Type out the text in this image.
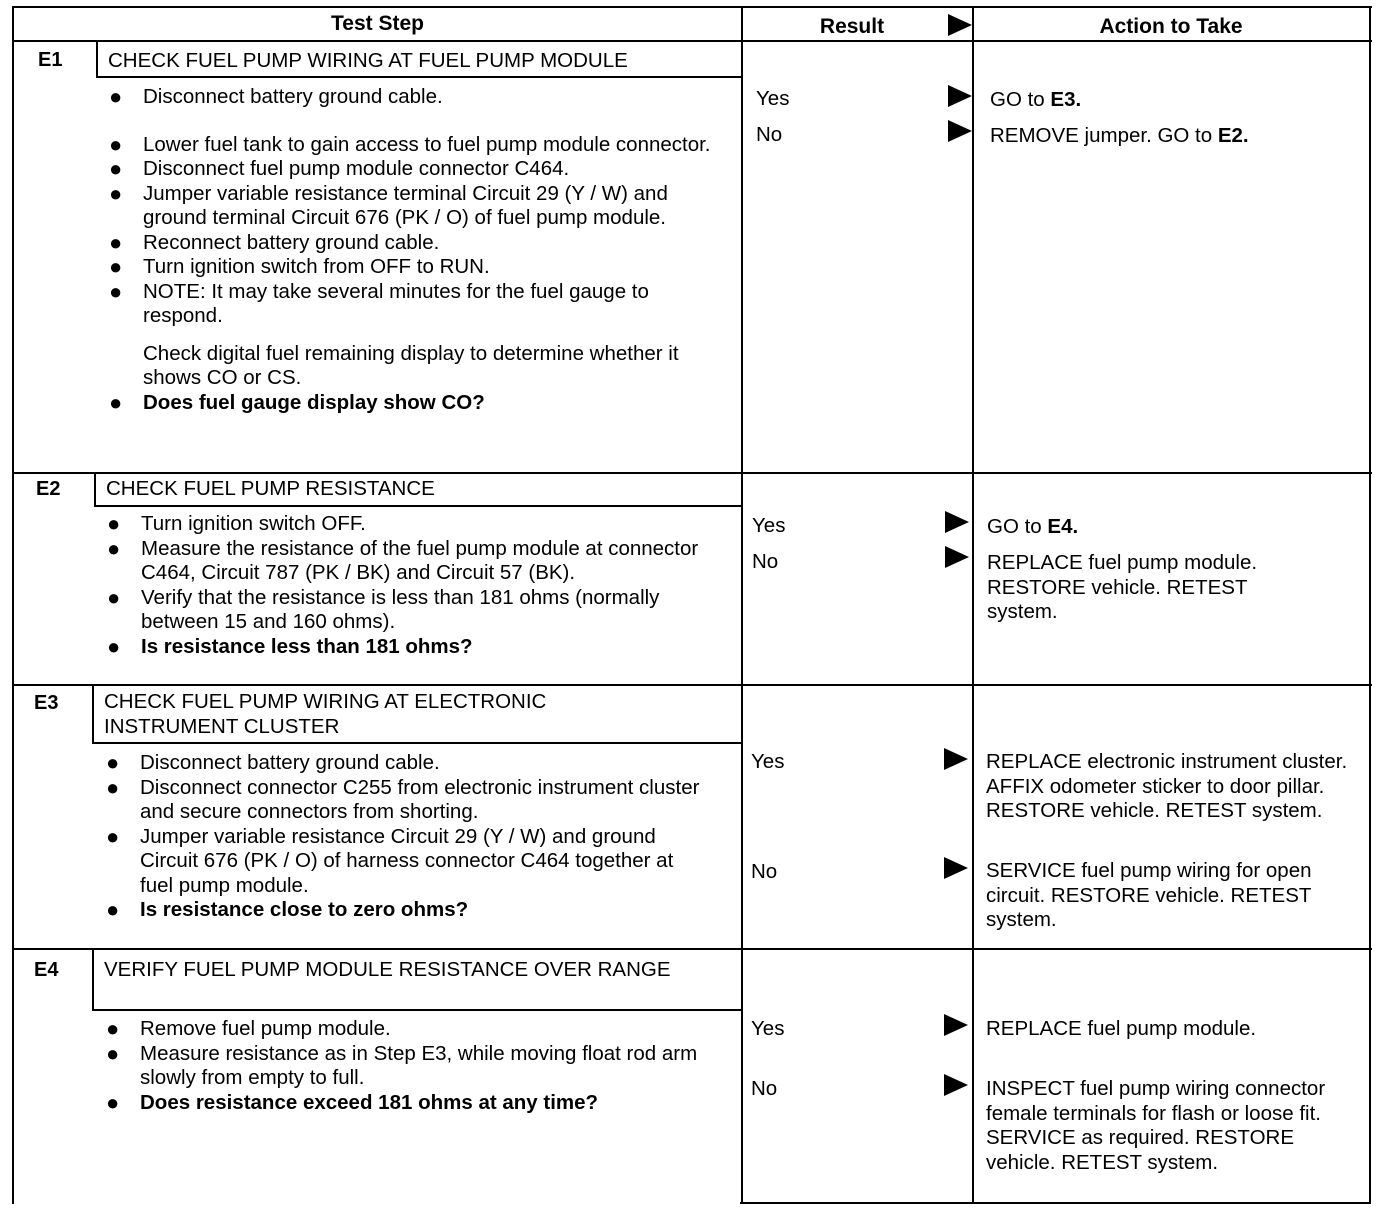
Test Step	Result	Action to Take
E1 CHECK FUEL PUMP WIRING AT FUEL PUMP MODULE
● Disconnect battery ground cable.
● Lower fuel tank to gain access to fuel pump module connector.
● Disconnect fuel pump module connector C464.
● Jumper variable resistance terminal Circuit 29 (Y / W) and ground terminal Circuit 676 (PK / O) of fuel pump module.
● Reconnect battery ground cable.
● Turn ignition switch from OFF to RUN.
● NOTE: It may take several minutes for the fuel gauge to respond.
Check digital fuel remaining display to determine whether it shows CO or CS.
● Does fuel gauge display show CO?
Yes	GO to E3.
No	REMOVE jumper. GO to E2.
E2 CHECK FUEL PUMP RESISTANCE
● Turn ignition switch OFF.
● Measure the resistance of the fuel pump module at connector C464, Circuit 787 (PK / BK) and Circuit 57 (BK).
● Verify that the resistance is less than 181 ohms (normally between 15 and 160 ohms).
● Is resistance less than 181 ohms?
Yes	GO to E4.
No	REPLACE fuel pump module. RESTORE vehicle. RETEST system.
E3 CHECK FUEL PUMP WIRING AT ELECTRONIC INSTRUMENT CLUSTER
● Disconnect battery ground cable.
● Disconnect connector C255 from electronic instrument cluster and secure connectors from shorting.
● Jumper variable resistance Circuit 29 (Y / W) and ground Circuit 676 (PK / O) of harness connector C464 together at fuel pump module.
● Is resistance close to zero ohms?
Yes	REPLACE electronic instrument cluster. AFFIX odometer sticker to door pillar. RESTORE vehicle. RETEST system.
No	SERVICE fuel pump wiring for open circuit. RESTORE vehicle. RETEST system.
E4 VERIFY FUEL PUMP MODULE RESISTANCE OVER RANGE
● Remove fuel pump module.
● Measure resistance as in Step E3, while moving float rod arm slowly from empty to full.
● Does resistance exceed 181 ohms at any time?
Yes	REPLACE fuel pump module.
No	INSPECT fuel pump wiring connector female terminals for flash or loose fit. SERVICE as required. RESTORE vehicle. RETEST system.
